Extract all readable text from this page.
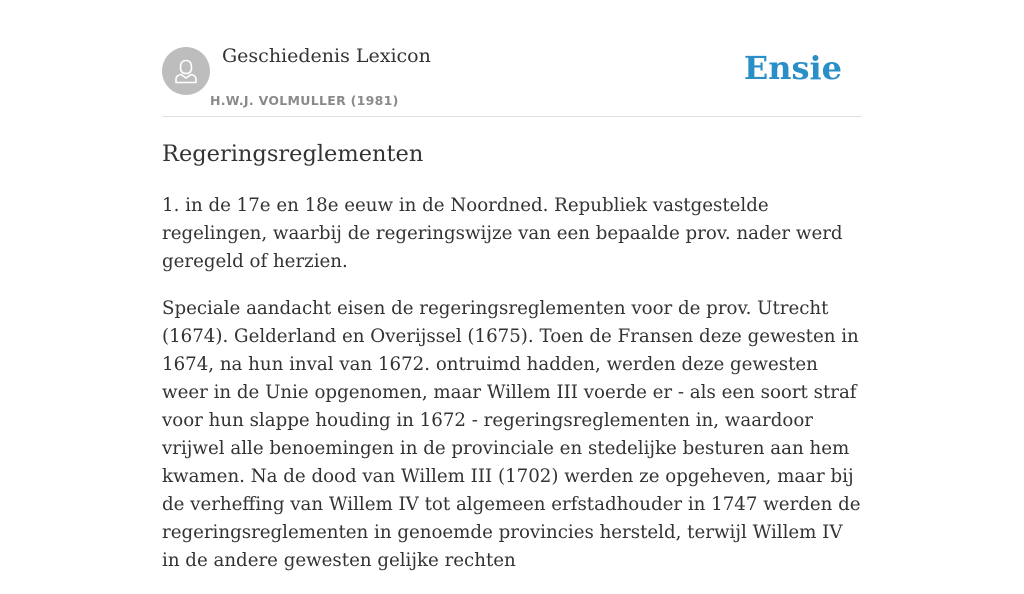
Geschiedenis Lexicon
H.W.J. VOLMULLER (1981)
Ensie
Regeringsreglementen

1. in de 17e en 18e eeuw in de Noordned. Republiek vastgestelde regelingen, waarbij de regeringswijze van een bepaalde prov. nader werd geregeld of herzien.

Speciale aandacht eisen de regeringsreglementen voor de prov. Utrecht (1674). Gelderland en Overijssel (1675). Toen de Fransen deze gewesten in 1674, na hun inval van 1672. ontruimd hadden, werden deze gewesten weer in de Unie opgenomen, maar Willem III voerde er - als een soort straf voor hun slappe houding in 1672 - regeringsreglementen in, waardoor vrijwel alle benoemingen in de provinciale en stedelijke besturen aan hem kwamen. Na de dood van Willem III (1702) werden ze opgeheven, maar bij de verheffing van Willem IV tot algemeen erfstadhouder in 1747 werden de regeringsreglementen in genoemde provincies hersteld, terwijl Willem IV in de andere gewesten gelijke rechten
